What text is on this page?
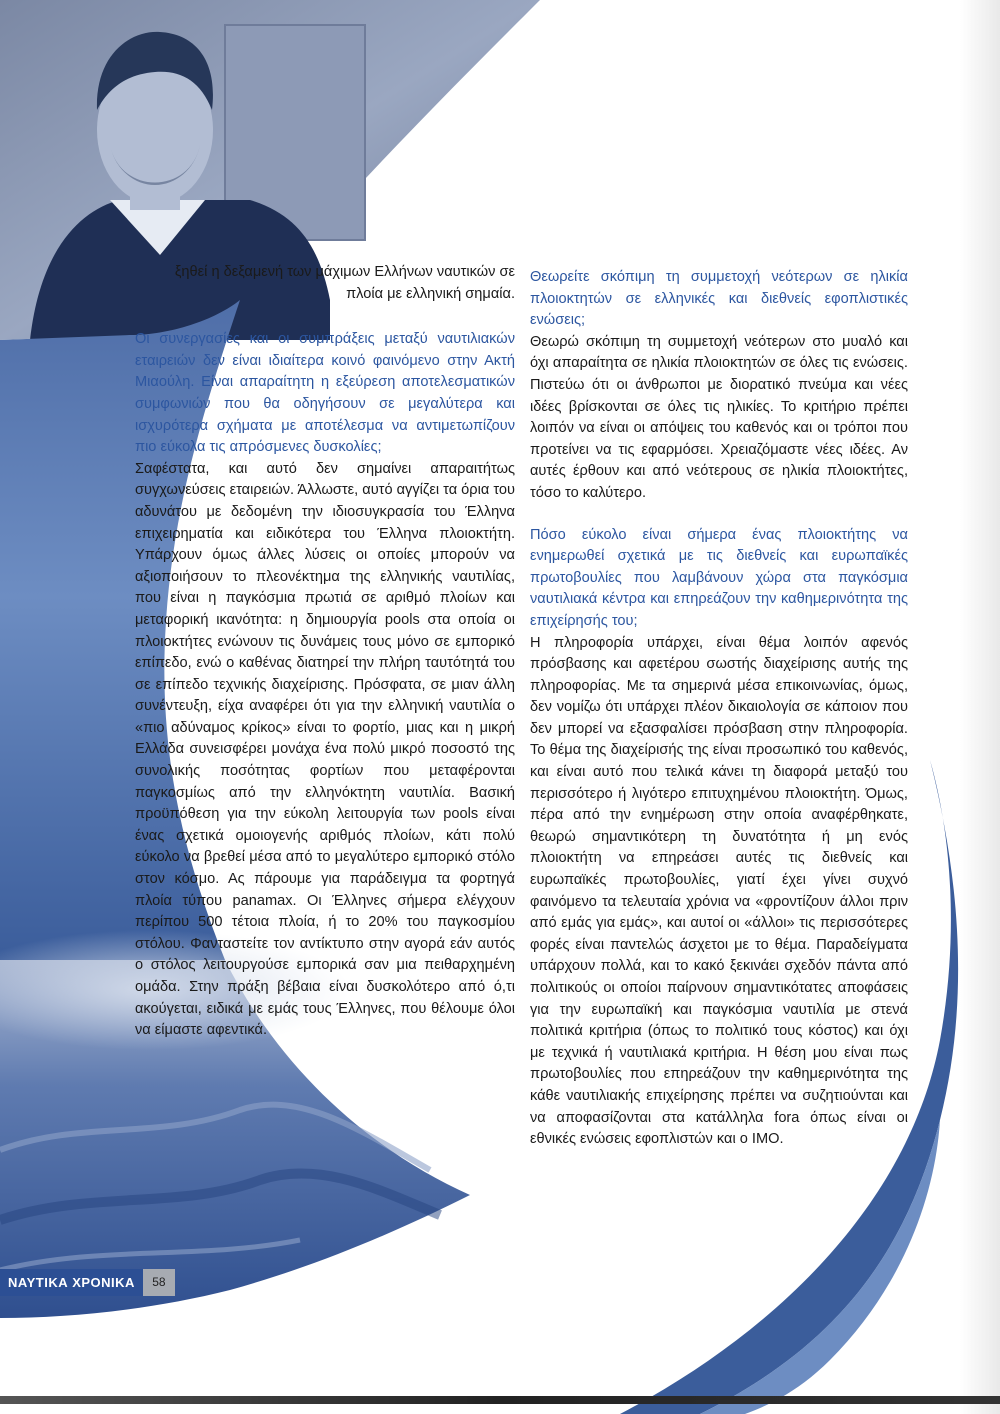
ξηθεί η δεξαμενή των μάχιμων Ελλήνων ναυτικών σε πλοία με ελληνική σημαία.

Οι συνεργασίες και οι συμπράξεις μεταξύ ναυτιλιακών εταιρειών δεν είναι ιδιαίτερα κοινό φαινόμενο στην Ακτή Μιαούλη. Είναι απαραίτητη η εξεύρεση αποτελεσματικών συμφωνιών που θα οδηγήσουν σε μεγαλύτερα και ισχυρότερα σχήματα με αποτέλεσμα να αντιμετωπίζουν πιο εύκολα τις απρόσμενες δυσκολίες;

Σαφέστατα, και αυτό δεν σημαίνει απαραιτήτως συγχωνεύσεις εταιρειών. Άλλωστε, αυτό αγγίζει τα όρια του αδυνάτου με δεδομένη την ιδιοσυγκρασία του Έλληνα επιχειρηματία και ειδικότερα του Έλληνα πλοιοκτήτη. Υπάρχουν όμως άλλες λύσεις οι οποίες μπορούν να αξιοποιήσουν το πλεονέκτημα της ελληνικής ναυτιλίας, που είναι η παγκόσμια πρωτιά σε αριθμό πλοίων και μεταφορική ικανότητα: η δημιουργία pools στα οποία οι πλοιοκτήτες ενώνουν τις δυνάμεις τους μόνο σε εμπορικό επίπεδο, ενώ ο καθένας διατηρεί την πλήρη ταυτότητά του σε επίπεδο τεχνικής διαχείρισης. Πρόσφατα, σε μιαν άλλη συνέντευξη, είχα αναφέρει ότι για την ελληνική ναυτιλία ο «πιο αδύναμος κρίκος» είναι το φορτίο, μιας και η μικρή Ελλάδα συνεισφέρει μονάχα ένα πολύ μικρό ποσοστό της συνολικής ποσότητας φορτίων που μεταφέρονται παγκοσμίως από την ελληνόκτητη ναυτιλία. Βασική προϋπόθεση για την εύκολη λειτουργία των pools είναι ένας σχετικά ομοιογενής αριθμός πλοίων, κάτι πολύ εύκολο να βρεθεί μέσα από το μεγαλύτερο εμπορικό στόλο στον κόσμο. Ας πάρουμε για παράδειγμα τα φορτηγά πλοία τύπου panamax. Οι Έλληνες σήμερα ελέγχουν περίπου 500 τέτοια πλοία, ή το 20% του παγκοσμίου στόλου. Φανταστείτε τον αντίκτυπο στην αγορά εάν αυτός ο στόλος λειτουργούσε εμπορικά σαν μια πειθαρχημένη ομάδα. Στην πράξη βέβαια είναι δυσκολότερο από ό,τι ακούγεται, ειδικά με εμάς τους Έλληνες, που θέλουμε όλοι να είμαστε αφεντικά.

Θεωρείτε σκόπιμη τη συμμετοχή νεότερων σε ηλικία πλοιοκτητών σε ελληνικές και διεθνείς εφοπλιστικές ενώσεις;

Θεωρώ σκόπιμη τη συμμετοχή νεότερων στο μυαλό και όχι απαραίτητα σε ηλικία πλοιοκτητών σε όλες τις ενώσεις. Πιστεύω ότι οι άνθρωποι με διορατικό πνεύμα και νέες ιδέες βρίσκονται σε όλες τις ηλικίες. Το κριτήριο πρέπει λοιπόν να είναι οι απόψεις του καθενός και οι τρόποι που προτείνει να τις εφαρμόσει. Χρειαζόμαστε νέες ιδέες. Αν αυτές έρθουν και από νεότερους σε ηλικία πλοιοκτήτες, τόσο το καλύτερο.

Πόσο εύκολο είναι σήμερα ένας πλοιοκτήτης να ενημερωθεί σχετικά με τις διεθνείς και ευρωπαϊκές πρωτοβουλίες που λαμβάνουν χώρα στα παγκόσμια ναυτιλιακά κέντρα και επηρεάζουν την καθημερινότητα της επιχείρησής του;

Η πληροφορία υπάρχει, είναι θέμα λοιπόν αφενός πρόσβασης και αφετέρου σωστής διαχείρισης αυτής της πληροφορίας. Με τα σημερινά μέσα επικοινωνίας, όμως, δεν νομίζω ότι υπάρχει πλέον δικαιολογία σε κάποιον που δεν μπορεί να εξασφαλίσει πρόσβαση στην πληροφορία. Το θέμα της διαχείρισής της είναι προσωπικό του καθενός, και είναι αυτό που τελικά κάνει τη διαφορά μεταξύ του περισσότερο ή λιγότερο επιτυχημένου πλοιοκτήτη. Όμως, πέρα από την ενημέρωση στην οποία αναφέρθηκατε, θεωρώ σημαντικότερη τη δυνατότητα ή μη ενός πλοιοκτήτη να επηρεάσει αυτές τις διεθνείς και ευρωπαϊκές πρωτοβουλίες, γιατί έχει γίνει συχνό φαινόμενο τα τελευταία χρόνια να «φροντίζουν άλλοι πριν από εμάς για εμάς», και αυτοί οι «άλλοι» τις περισσότερες φορές είναι παντελώς άσχετοι με το θέμα. Παραδείγματα υπάρχουν πολλά, και το κακό ξεκινάει σχεδόν πάντα από πολιτικούς οι οποίοι παίρνουν σημαντικότατες αποφάσεις για την ευρωπαϊκή και παγκόσμια ναυτιλία με στενά πολιτικά κριτήρια (όπως το πολιτικό τους κόστος) και όχι με τεχνικά ή ναυτιλιακά κριτήρια. Η θέση μου είναι πως πρωτοβουλίες που επηρεάζουν την καθημερινότητα της κάθε ναυτιλιακής επιχείρησης πρέπει να συζητιούνται και να αποφασίζονται στα κατάλληλα fora όπως είναι οι εθνικές ενώσεις εφοπλιστών και ο IMO.

ΝΑΥΤΙΚΑ ΧΡΟΝΙΚΑ	58
